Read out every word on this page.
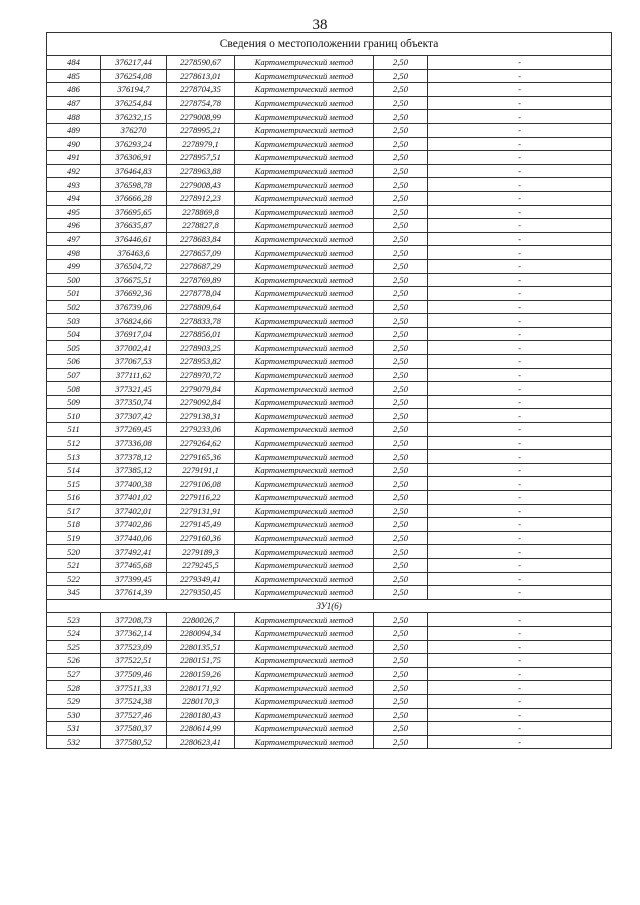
38
Сведения о местоположении границ объекта					
484	376217,44	2278590,67	Картометрический метод	2,50	-
485	376254,08	2278613,01	Картометрический метод	2,50	-
486	376194,7	2278704,35	Картометрический метод	2,50	-
487	376254,84	2278754,78	Картометрический метод	2,50	-
488	376232,15	2279008,99	Картометрический метод	2,50	-
489	376270	2278995,21	Картометрический метод	2,50	-
490	376293,24	2278979,1	Картометрический метод	2,50	-
491	376306,91	2278957,51	Картометрический метод	2,50	-
492	376464,83	2278963,88	Картометрический метод	2,50	-
493	376598,78	2279008,43	Картометрический метод	2,50	-
494	376666,28	2278912,23	Картометрический метод	2,50	-
495	376695,65	2278869,8	Картометрический метод	2,50	-
496	376635,87	2278827,8	Картометрический метод	2,50	-
497	376446,61	2278683,84	Картометрический метод	2,50	-
498	376463,6	2278657,09	Картометрический метод	2,50	-
499	376504,72	2278687,29	Картометрический метод	2,50	-
500	376675,51	2278769,89	Картометрический метод	2,50	-
501	376692,36	2278778,04	Картометрический метод	2,50	-
502	376739,06	2278809,64	Картометрический метод	2,50	-
503	376824,66	2278833,78	Картометрический метод	2,50	-
504	376917,04	2278856,01	Картометрический метод	2,50	-
505	377002,41	2278903,25	Картометрический метод	2,50	-
506	377067,53	2278953,82	Картометрический метод	2,50	-
507	377111,62	2278970,72	Картометрический метод	2,50	-
508	377321,45	2279079,84	Картометрический метод	2,50	-
509	377350,74	2279092,84	Картометрический метод	2,50	-
510	377307,42	2279138,31	Картометрический метод	2,50	-
511	377269,45	2279233,06	Картометрический метод	2,50	-
512	377336,08	2279264,62	Картометрический метод	2,50	-
513	377378,12	2279165,36	Картометрический метод	2,50	-
514	377385,12	2279191,1	Картометрический метод	2,50	-
515	377400,38	2279106,08	Картометрический метод	2,50	-
516	377401,02	2279116,22	Картометрический метод	2,50	-
517	377402,01	2279131,91	Картометрический метод	2,50	-
518	377402,86	2279145,49	Картометрический метод	2,50	-
519	377440,06	2279160,36	Картометрический метод	2,50	-
520	377492,41	2279189,3	Картометрический метод	2,50	-
521	377465,68	2279245,5	Картометрический метод	2,50	-
522	377399,45	2279349,41	Картометрический метод	2,50	-
345	377614,39	2279350,45	Картометрический метод	2,50	-
ЗУ1(6)					
523	377208,73	2280026,7	Картометрический метод	2,50	-
524	377362,14	2280094,34	Картометрический метод	2,50	-
525	377523,09	2280135,51	Картометрический метод	2,50	-
526	377522,51	2280151,75	Картометрический метод	2,50	-
527	377509,46	2280159,26	Картометрический метод	2,50	-
528	377511,33	2280171,92	Картометрический метод	2,50	-
529	377524,38	2280170,3	Картометрический метод	2,50	-
530	377527,46	2280180,43	Картометрический метод	2,50	-
531	377580,37	2280614,99	Картометрический метод	2,50	-
532	377580,52	2280623,41	Картометрический метод	2,50	-
